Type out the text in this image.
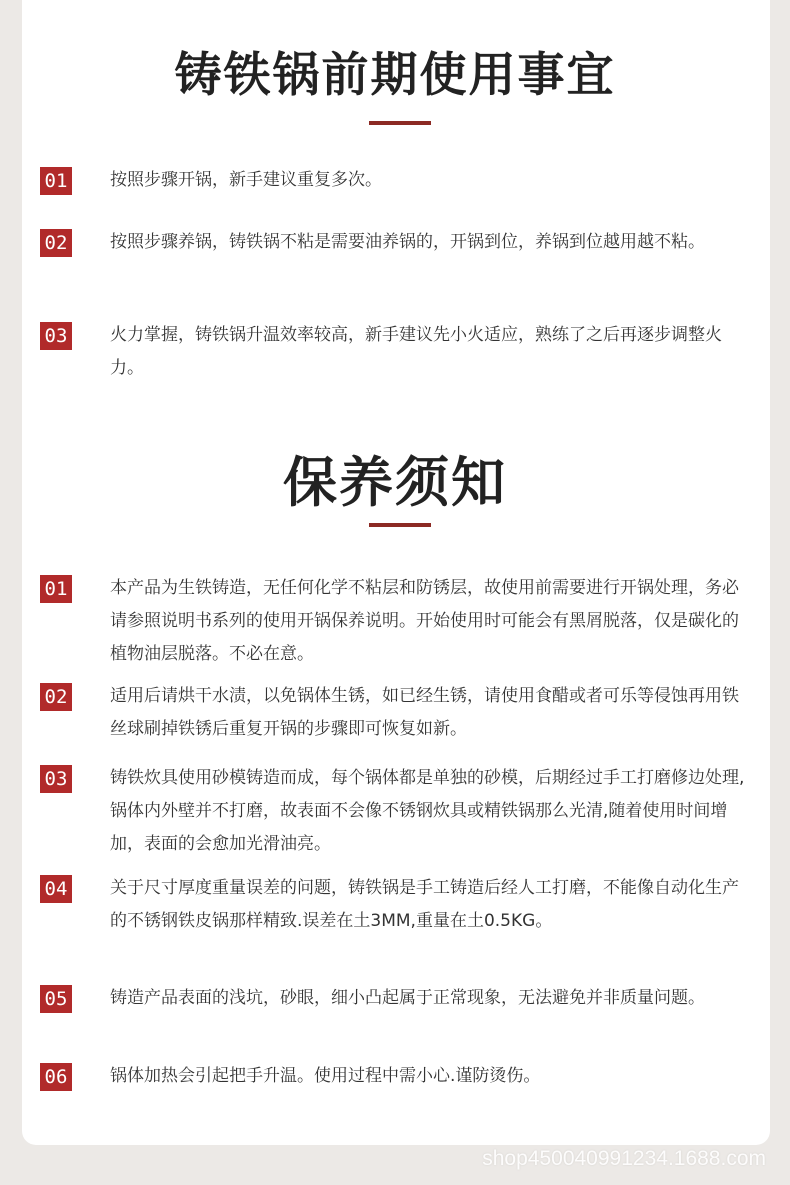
铸铁锅前期使用事宜
01	按照步骤开锅，新手建议重复多次。

02	按照步骤养锅，铸铁锅不粘是需要油养锅的，开锅到位，养锅到位越用越不粘。

03	火力掌握，铸铁锅升温效率较高，新手建议先小火适应，熟练了之后再逐步调整火力。

保养须知
01	本产品为生铁铸造，无任何化学不粘层和防锈层，故使用前需要进行开锅处理，务必请参照说明书系列的使用开锅保养说明。开始使用时可能会有黑屑脱落，仅是碳化的植物油层脱落。不必在意。

02	适用后请烘干水渍，以免锅体生锈，如已经生锈，请使用食醋或者可乐等侵蚀再用铁丝球刷掉铁锈后重复开锅的步骤即可恢复如新。

03	铸铁炊具使用砂模铸造而成，每个锅体都是单独的砂模，后期经过手工打磨修边处理,锅体内外壁并不打磨，故表面不会像不锈钢炊具或精铁锅那么光清,随着使用时间增加，表面的会愈加光滑油亮。

04	关于尺寸厚度重量误差的问题，铸铁锅是手工铸造后经人工打磨，不能像自动化生产的不锈钢铁皮锅那样精致.误差在土3MM,重量在土0.5KG。

05	铸造产品表面的浅坑，砂眼，细小凸起属于正常现象，无法避免并非质量问题。

06	锅体加热会引起把手升温。使用过程中需小心.谨防烫伤。

shop450040991234.1688.com
